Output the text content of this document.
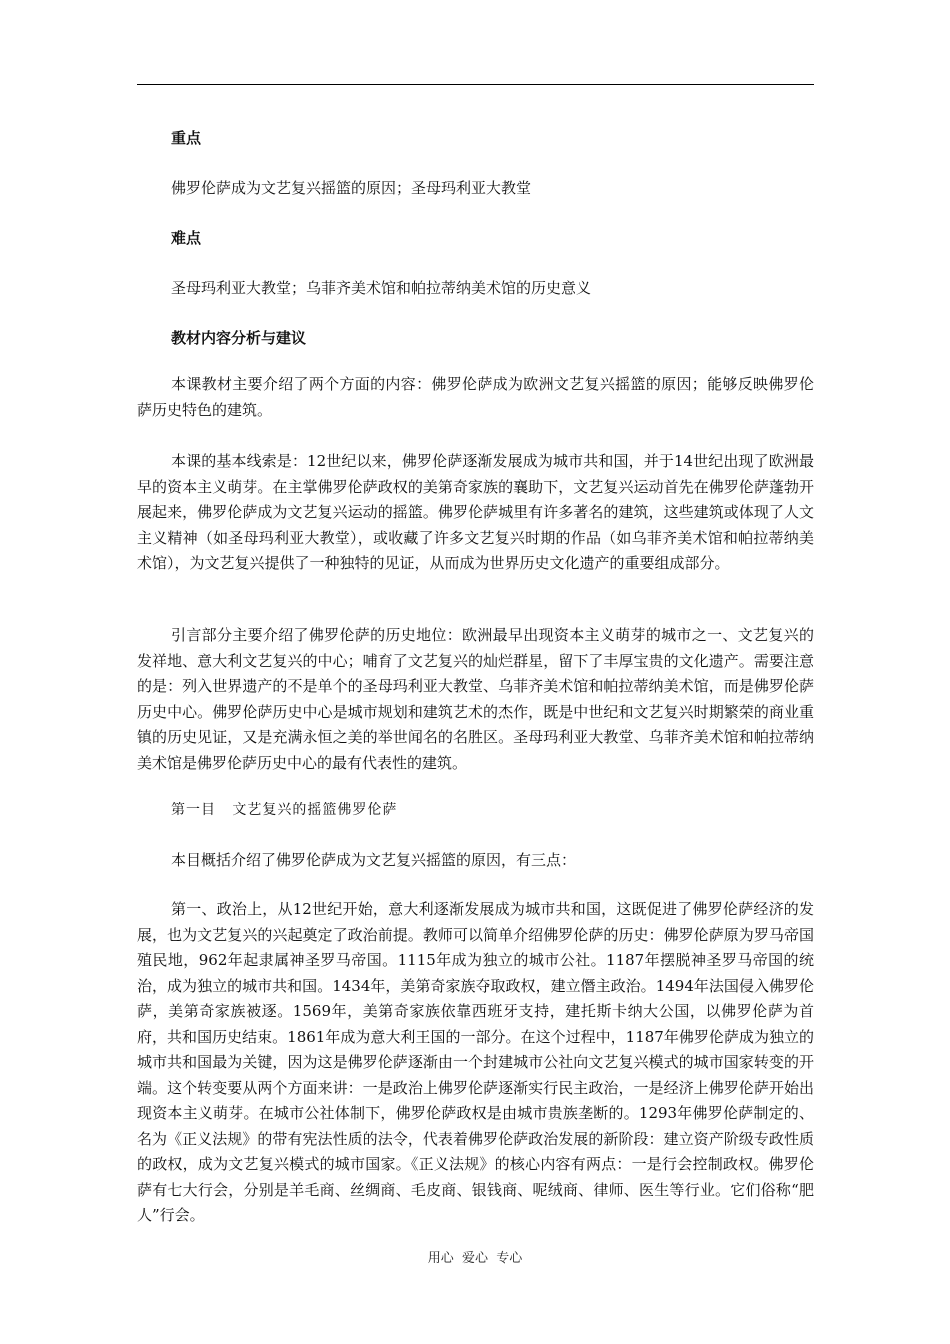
重点

佛罗伦萨成为文艺复兴摇篮的原因；圣母玛利亚大教堂

难点

圣母玛利亚大教堂；乌菲齐美术馆和帕拉蒂纳美术馆的历史意义

教材内容分析与建议

本课教材主要介绍了两个方面的内容：佛罗伦萨成为欧洲文艺复兴摇篮的原因；能够反映佛罗伦萨历史特色的建筑。

本课的基本线索是：12世纪以来，佛罗伦萨逐渐发展成为城市共和国，并于14世纪出现了欧洲最早的资本主义萌芽。在主掌佛罗伦萨政权的美第奇家族的襄助下，文艺复兴运动首先在佛罗伦萨蓬勃开展起来，佛罗伦萨成为文艺复兴运动的摇篮。佛罗伦萨城里有许多著名的建筑，这些建筑或体现了人文主义精神（如圣母玛利亚大教堂），或收藏了许多文艺复兴时期的作品（如乌菲齐美术馆和帕拉蒂纳美术馆），为文艺复兴提供了一种独特的见证，从而成为世界历史文化遗产的重要组成部分。

引言部分主要介绍了佛罗伦萨的历史地位：欧洲最早出现资本主义萌芽的城市之一、文艺复兴的发祥地、意大利文艺复兴的中心；哺育了文艺复兴的灿烂群星，留下了丰厚宝贵的文化遗产。需要注意的是：列入世界遗产的不是单个的圣母玛利亚大教堂、乌菲齐美术馆和帕拉蒂纳美术馆，而是佛罗伦萨历史中心。佛罗伦萨历史中心是城市规划和建筑艺术的杰作，既是中世纪和文艺复兴时期繁荣的商业重镇的历史见证，又是充满永恒之美的举世闻名的名胜区。圣母玛利亚大教堂、乌菲齐美术馆和帕拉蒂纳美术馆是佛罗伦萨历史中心的最有代表性的建筑。

第一目   文艺复兴的摇篮佛罗伦萨

本目概括介绍了佛罗伦萨成为文艺复兴摇篮的原因，有三点：

第一、政治上，从12世纪开始，意大利逐渐发展成为城市共和国，这既促进了佛罗伦萨经济的发展，也为文艺复兴的兴起奠定了政治前提。教师可以简单介绍佛罗伦萨的历史：佛罗伦萨原为罗马帝国殖民地，962年起隶属神圣罗马帝国。1115年成为独立的城市公社。1187年摆脱神圣罗马帝国的统治，成为独立的城市共和国。1434年，美第奇家族夺取政权，建立僭主政治。1494年法国侵入佛罗伦萨，美第奇家族被逐。1569年，美第奇家族依靠西班牙支持，建托斯卡纳大公国，以佛罗伦萨为首府，共和国历史结束。1861年成为意大利王国的一部分。在这个过程中，1187年佛罗伦萨成为独立的城市共和国最为关键，因为这是佛罗伦萨逐渐由一个封建城市公社向文艺复兴模式的城市国家转变的开端。这个转变要从两个方面来讲：一是政治上佛罗伦萨逐渐实行民主政治，一是经济上佛罗伦萨开始出现资本主义萌芽。在城市公社体制下，佛罗伦萨政权是由城市贵族垄断的。1293年佛罗伦萨制定的、名为《正义法规》的带有宪法性质的法令，代表着佛罗伦萨政治发展的新阶段：建立资产阶级专政性质的政权，成为文艺复兴模式的城市国家。《正义法规》的核心内容有两点：一是行会控制政权。佛罗伦萨有七大行会，分别是羊毛商、丝绸商、毛皮商、银钱商、呢绒商、律师、医生等行业。它们俗称“肥人”行会。

用心  爱心  专心
